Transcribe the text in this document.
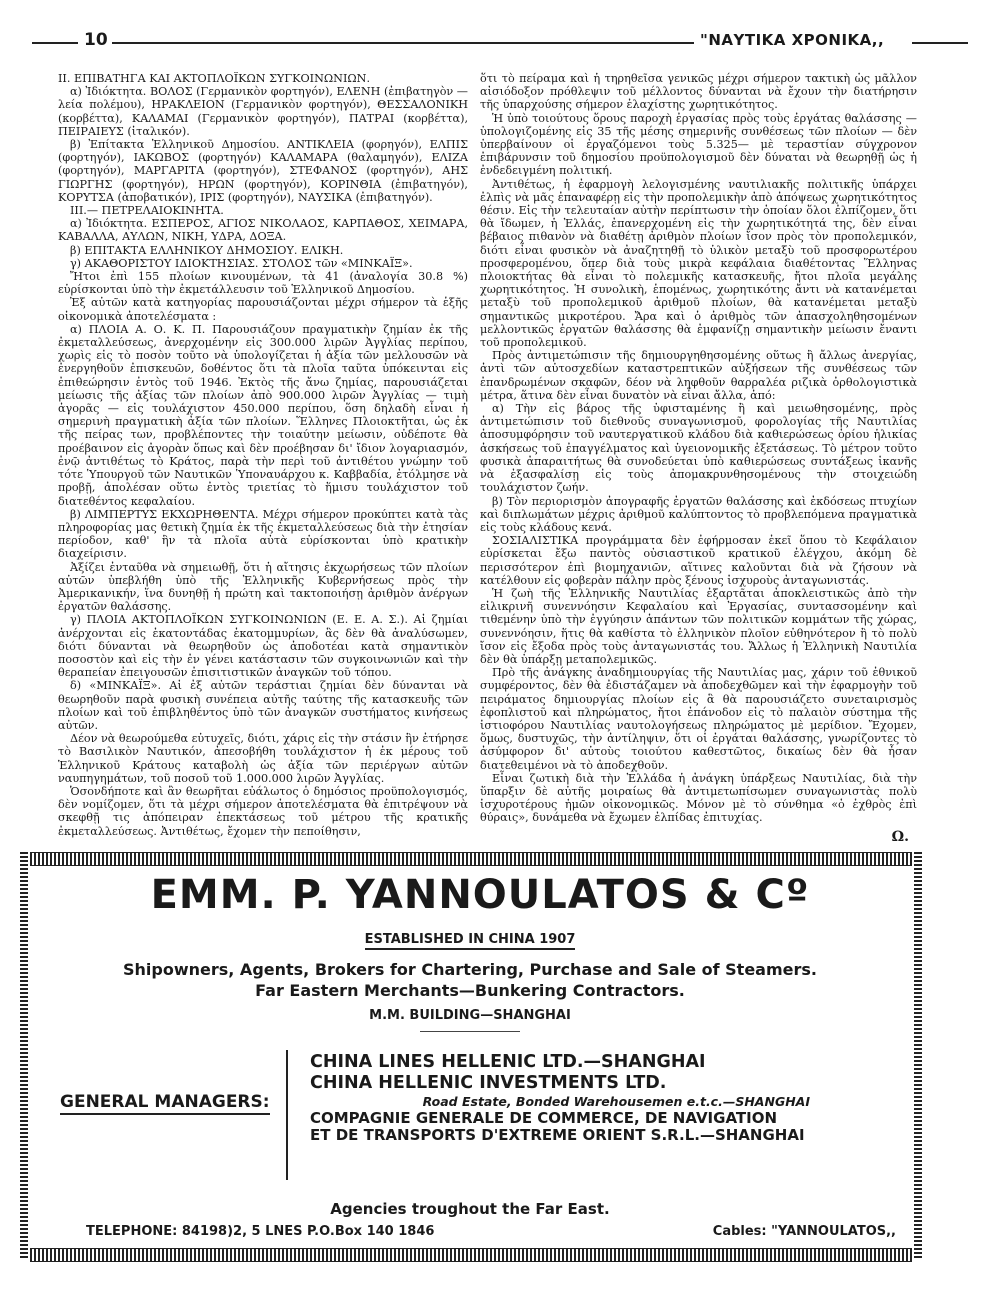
10	"ΝΑΥΤΙΚΑ ΧΡΟΝΙΚΑ,,

ΙΙ. ΕΠΙΒΑΤΗΓΑ ΚΑΙ ΑΚΤΟΠΛΟΪΚΩΝ ΣΥΓΚΟΙΝΩΝΙΩΝ.

α) Ἰδιόκτητα. ΒΟΛΟΣ (Γερμανικὸν φορτηγόν), ΕΛΕΝΗ (ἐπιβατηγὸν — λεία πολέμου), ΗΡΑΚΛΕΙΟΝ (Γερμανικὸν φορτηγόν), ΘΕΣΣΑΛΟΝΙΚΗ (κορβέττα), ΚΑΛΑΜΑΙ (Γερμανικὸν φορτηγόν), ΠΑΤΡΑΙ (κορβέττα), ΠΕΙΡΑΙΕΥΣ (ἰταλικόν).

β) Ἐπίτακτα Ἑλληνικοῦ Δημοσίου. ΑΝΤΙΚΛΕΙΑ (φορηγόν), ΕΛΠΙΣ (φορτηγόν), ΙΑΚΩΒΟΣ (φορτηγόν) ΚΑΛΑΜΑΡΑ (θαλαμηγόν), ΕΛΙΖΑ (φορτηγόν), ΜΑΡΓΑΡΙΤΑ (φορτηγόν), ΣΤΕΦΑΝΟΣ (φορτηγόν), ΑΗΣ ΓΙΩΡΓΗΣ (φορτηγόν), ΗΡΩΝ (φορτηγόν), ΚΟΡΙΝΘΙΑ (ἐπιβατηγόν), ΚΟΡΥΤΣΑ (ἀποβατικόν), ΙΡΙΣ (φορτηγόν), ΝΑΥΣΙΚΑ (ἐπιβατηγόν).

ΙΙΙ.— ΠΕΤΡΕΛΑΙΟΚΙΝΗΤΑ.

α) Ἰδιόκτητα. ΕΣΠΕΡΟΣ, ΑΓΙΟΣ ΝΙΚΟΛΑΟΣ, ΚΑΡΠΑΘΟΣ, ΧΕΙΜΑΡΑ, ΚΑΒΑΛΛΑ, ΑΥΛΩΝ, ΝΙΚΗ, ΥΔΡΑ, ΔΟΞΑ.

β) ΕΠΙΤΑΚΤΑ ΕΛΛΗΝΙΚΟΥ ΔΗΜΟΣΙΟΥ. ΕΛΙΚΗ.

γ) ΑΚΑΘΟΡΙΣΤΟΥ ΙΔΙΟΚΤΗΣΙΑΣ. ΣΤΟΛΟΣ τῶν «ΜΙΝΚΑΪΞ».

Ἤτοι ἐπὶ 155 πλοίων κινουμένων, τὰ 41 (ἀναλογία 30.8 %) εὑρίσκονται ὑπὸ τὴν ἐκμετάλλευσιν τοῦ Ἑλληνικοῦ Δημοσίου.

Ἐξ αὐτῶν κατὰ κατηγορίας παρουσιάζονται μέχρι σήμερον τὰ ἑξῆς οἰκονομικὰ ἀποτελέσματα :

α) ΠΛΟΙΑ Α. Ο. Κ. Π. Παρουσιάζουν πραγματικὴν ζημίαν ἐκ τῆς ἐκμεταλλεύσεως, ἀνερχομένην εἰς 300.000 λιρῶν Ἀγγλίας περίπου, χωρὶς εἰς τὸ ποσὸν τοῦτο νὰ ὑπολογίζεται ἡ ἀξία τῶν μελλουσῶν νὰ ἐνεργηθοῦν ἐπισκευῶν, δοθέντος ὅτι τὰ πλοῖα ταῦτα ὑπόκεινται εἰς ἐπιθεώρησιν ἐντὸς τοῦ 1946. Ἐκτὸς τῆς ἄνω ζημίας, παρουσιάζεται μείωσις τῆς ἀξίας τῶν πλοίων ἀπὸ 900.000 λιρῶν Ἀγγλίας — τιμὴ ἀγορᾶς — εἰς τουλάχιστον 450.000 περίπου, ὅση δηλαδὴ εἶναι ἡ σημερινὴ πραγματικὴ ἀξία τῶν πλοίων. Ἕλληνες Πλοιοκτῆται, ὡς ἐκ τῆς πείρας των, προβλέποντες τὴν τοιαύτην μείωσιν, οὐδέποτε θὰ προέβαινον εἰς ἀγορὰν ὅπως καὶ δὲν προέβησαν δι' ἴδιον λογαριασμόν, ἐνῷ ἀντιθέτως τὸ Κράτος, παρὰ τὴν περὶ τοῦ ἀντιθέτου γνώμην τοῦ τότε Ὑπουργοῦ τῶν Ναυτικῶν Ὑποναυάρχου κ. Καββαδία, ἐτόλμησε νὰ προβῇ, ἀπολέσαν οὕτω ἐντὸς τριετίας τὸ ἥμισυ τουλάχιστον τοῦ διατεθέντος κεφαλαίου.

β) ΛΙΜΠΕΡΤΥΣ ΕΚΧΩΡΗΘΕΝΤΑ. Μέχρι σήμερον προκύπτει κατὰ τὰς πληροφορίας μας θετικὴ ζημία ἐκ τῆς ἐκμεταλλεύσεως διὰ τὴν ἐτησίαν περίοδον, καθ' ἣν τὰ πλοῖα αὐτὰ εὑρίσκονται ὑπὸ κρατικὴν διαχείρισιν.

Ἀξίζει ἐνταῦθα νὰ σημειωθῇ, ὅτι ἡ αἴτησις ἐκχωρήσεως τῶν πλοίων αὐτῶν ὑπεβλήθη ὑπὸ τῆς Ἑλληνικῆς Κυβερνήσεως πρὸς τὴν Ἀμερικανικήν, ἵνα δυνηθῇ ἡ πρώτη καὶ τακτοποιήσῃ ἀριθμὸν ἀνέργων ἐργατῶν θαλάσσης.

γ) ΠΛΟΙΑ ΑΚΤΟΠΛΟΪΚΩΝ ΣΥΓΚΟΙΝΩΝΙΩΝ (Ε. Ε. Α. Σ.). Αἱ ζημίαι ἀνέρχονται εἰς ἑκατοντάδας ἑκατομμυρίων, ἃς δὲν θὰ ἀναλύσωμεν, διότι δύνανται νὰ θεωρηθοῦν ὡς ἀποδοτέαι κατὰ σημαντικὸν ποσοστὸν καὶ εἰς τὴν ἐν γένει κατάστασιν τῶν συγκοινωνιῶν καὶ τὴν θεραπείαν ἐπειγουσῶν ἐπισιτιστικῶν ἀναγκῶν τοῦ τόπου.

δ) «ΜΙΝΚΑΪΞ». Αἱ ἐξ αὐτῶν τεράστιαι ζημίαι δὲν δύνανται νὰ θεωρηθοῦν παρὰ φυσικὴ συνέπεια αὐτῆς ταύτης τῆς κατασκευῆς τῶν πλοίων καὶ τοῦ ἐπιβληθέντος ὑπὸ τῶν ἀναγκῶν συστήματος κινήσεως αὐτῶν.

Δέον νὰ θεωρούμεθα εὐτυχεῖς, διότι, χάρις εἰς τὴν στάσιν ἣν ἐτήρησε τὸ Βασιλικὸν Ναυτικόν, ἀπεσοβήθη τουλάχιστον ἡ ἐκ μέρους τοῦ Ἑλληνικοῦ Κράτους καταβολὴ ὡς ἀξία τῶν περιέργων αὐτῶν ναυπηγημάτων, τοῦ ποσοῦ τοῦ 1.000.000 λιρῶν Ἀγγλίας.

Ὁσονδήποτε καὶ ἂν θεωρῆται εὐάλωτος ὁ δημόσιος προϋπολογισμός, δὲν νομίζομεν, ὅτι τὰ μέχρι σήμερον ἀποτελέσματα θὰ ἐπιτρέψουν νὰ σκεφθῇ τις ἀπόπειραν ἐπεκτάσεως τοῦ μέτρου τῆς κρατικῆς ἐκμεταλλεύσεως. Ἀντιθέτως, ἔχομεν τὴν πεποίθησιν,

ὅτι τὸ πείραμα καὶ ἡ τηρηθεῖσα γενικῶς μέχρι σήμερον τακτικὴ ὡς μᾶλλον αἰσιόδοξον πρόθλεψιν τοῦ μέλλοντος δύνανται νὰ ἔχουν τὴν διατήρησιν τῆς ὑπαρχούσης σήμερον ἐλαχίστης χωρητικότητος.

Ἡ ὑπὸ τοιούτους ὅρους παροχὴ ἐργασίας πρὸς τοὺς ἐργάτας θαλάσσης — ὑπολογιζομένης εἰς 35 τῆς μέσης σημερινῆς συνθέσεως τῶν πλοίων — δὲν ὑπερβαίνουν οἱ ἐργαζόμενοι τοὺς 5.325— μὲ τεραστίαν σύγχρονον ἐπιβάρυνσιν τοῦ δημοσίου προϋπολογισμοῦ δὲν δύναται νὰ θεωρηθῇ ὡς ἡ ἐνδεδειγμένη πολιτική.

Ἀντιθέτως, ἡ ἐφαρμογὴ λελογισμένης ναυτιλιακῆς πολιτικῆς ὑπάρχει ἐλπὶς νὰ μᾶς ἐπαναφέρῃ εἰς τὴν προπολεμικὴν ἀπὸ ἀπόψεως χωρητικότητος θέσιν. Εἰς τὴν τελευταίαν αὐτὴν περίπτωσιν τὴν ὁποίαν ὅλοι ἐλπίζομεν, ὅτι θὰ ἴδωμεν, ἡ Ἑλλάς, ἐπανερχομένη εἰς τὴν χωρητικότητά της, δὲν εἶναι βέβαιος πιθανὸν νὰ διαθέτῃ ἀριθμὸν πλοίων ἴσον πρὸς τὸν προπολεμικόν, διότι εἶναι φυσικὸν νὰ ἀναζητηθῇ τὸ ὑλικὸν μεταξὺ τοῦ προσφορωτέρου προσφερομένου, ὅπερ διὰ τοὺς μικρὰ κεφάλαια διαθέτοντας Ἕλληνας πλοιοκτήτας θὰ εἶναι τὸ πολεμικῆς κατασκευῆς, ἤτοι πλοῖα μεγάλης χωρητικότητος. Ἡ συνολικὴ, ἑπομένως, χωρητικότης ἄντι νὰ κατανέμεται μεταξὺ τοῦ προπολεμικοῦ ἀριθμοῦ πλοίων, θὰ κατανέμεται μεταξὺ σημαντικῶς μικροτέρου. Ἄρα καὶ ὁ ἀριθμὸς τῶν ἀπασχοληθησομένων μελλοντικῶς ἐργατῶν θαλάσσης θὰ ἐμφανίζῃ σημαντικὴν μείωσιν ἔναντι τοῦ προπολεμικοῦ.

Πρὸς ἀντιμετώπισιν τῆς δημιουργηθησομένης οὕτως ἢ ἄλλως ἀνεργίας, ἀντὶ τῶν αὐτοσχεδίων καταστρεπτικῶν αὐξήσεων τῆς συνθέσεως τῶν ἐπανδρωμένων σκαφῶν, δέον νὰ ληφθοῦν θαρραλέα ριζικὰ ὀρθολογιστικὰ μέτρα, ἅτινα δὲν εἶναι δυνατὸν νὰ εἶναι ἄλλα, ἀπό:

α) Τὴν εἰς βάρος τῆς ὑφισταμένης ἢ καὶ μειωθησομένης, πρὸς ἀντιμετώπισιν τοῦ διεθνοῦς συναγωνισμοῦ, φορολογίας τῆς Ναυτιλίας ἀποσυμφόρησιν τοῦ ναυτεργατικοῦ κλάδου διὰ καθιερώσεως ὁρίου ἡλικίας ἀσκήσεως τοῦ ἐπαγγέλματος καὶ ὑγειονομικῆς ἐξετάσεως. Τὸ μέτρον τοῦτο φυσικὰ ἀπαραιτήτως θὰ συνοδεύεται ὑπὸ καθιερώσεως συντάξεως ἱκανῆς νὰ ἐξασφαλίσῃ εἰς τοὺς ἀπομακρυνθησομένους τὴν στοιχειώδη τουλάχιστον ζωήν.

β) Τὸν περιορισμὸν ἀπογραφῆς ἐργατῶν θαλάσσης καὶ ἐκδόσεως πτυχίων καὶ διπλωμάτων μέχρις ἀριθμοῦ καλύπτοντος τὸ προβλεπόμενα πραγματικὰ εἰς τοὺς κλάδους κενά.

ΣΟΣΙΑΛΙΣΤΙΚΑ προγράμματα δὲν ἐφήρμοσαν ἐκεῖ ὅπου τὸ Κεφάλαιον εὑρίσκεται ἔξω παντὸς οὐσιαστικοῦ κρατικοῦ ἐλέγχου, ἀκόμη δὲ περισσότερον ἐπὶ βιομηχανιῶν, αἵτινες καλοῦνται διὰ νὰ ζήσουν νὰ κατέλθουν εἰς φοβερὰν πάλην πρὸς ξένους ἰσχυροὺς ἀνταγωνιστάς.

Ἡ ζωὴ τῆς Ἑλληνικῆς Ναυτιλίας ἐξαρτᾶται ἀποκλειστικῶς ἀπὸ τὴν εἰλικρινῆ συνεννόησιν Κεφαλαίου καὶ Ἐργασίας, συντασσομένην καὶ τιθεμένην ὑπὸ τὴν ἐγγύησιν ἁπάντων τῶν πολιτικῶν κομμάτων τῆς χώρας, συνεννόησιν, ἥτις θὰ καθίστα τὸ ἑλληνικὸν πλοῖον εὐθηνότερον ἢ τὸ πολὺ ἴσον εἰς ἔξοδα πρὸς τοὺς ἀνταγωνιστάς του. Ἄλλως ἡ Ἑλληνικὴ Ναυτιλία δὲν θὰ ὑπάρξῃ μεταπολεμικῶς.

Πρὸ τῆς ἀνάγκης ἀναδημιουργίας τῆς Ναυτιλίας μας, χάριν τοῦ ἐθνικοῦ συμφέροντος, δὲν θὰ ἐδιστάζαμεν νὰ ἀποδεχθῶμεν καὶ τὴν ἐφαρμογὴν τοῦ πειράματος δημιουργίας πλοίων εἰς ἃ θὰ παρουσιάζετο συνεταιρισμὸς ἐφοπλιστοῦ καὶ πληρώματος, ἤτοι ἐπάνοδον εἰς τὸ παλαιὸν σύστημα τῆς ἰστιοφόρου Ναυτιλίας ναυτολογήσεως πληρώματος μὲ μερίδιον. Ἔχομεν, ὅμως, δυστυχῶς, τὴν ἀντίληψιν, ὅτι οἱ ἐργάται θαλάσσης, γνωρίζοντες τὸ ἀσύμφορον δι' αὐτοὺς τοιούτου καθεστῶτος, δικαίως δὲν θὰ ἦσαν διατεθειμένοι νὰ τὸ ἀποδεχθοῦν.

Εἶναι ζωτικὴ διὰ τὴν Ἑλλάδα ἡ ἀνάγκη ὑπάρξεως Ναυτιλίας, διὰ τὴν ὕπαρξιν δὲ αὐτῆς μοιραίως θὰ ἀντιμετωπίσωμεν συναγωνιστὰς πολὺ ἰσχυροτέρους ἡμῶν οἰκονομικῶς. Μόνον μὲ τὸ σύνθημα «ὁ ἐχθρὸς ἐπὶ θύραις», δυνάμεθα νὰ ἔχωμεν ἐλπίδας ἐπιτυχίας.

Ω.
EMM. P. YANNOULATOS & Cº
ESTABLISHED IN CHINA 1907
Shipowners, Agents, Brokers for Chartering, Purchase and Sale of Steamers.
Far Eastern Merchants—Bunkering Contractors.
M.M. BUILDING—SHANGHAI
GENERAL MANAGERS:
CHINA LINES HELLENIC LTD.—SHANGHAI
CHINA HELLENIC INVESTMENTS LTD.
Road Estate, Bonded Warehousemen e.t.c.—SHANGHAI
COMPAGNIE GENERALE DE COMMERCE, DE NAVIGATION
ET DE TRANSPORTS D'EXTREME ORIENT S.R.L.—SHANGHAI
Agencies troughout the Far East.
TELEPHONE: 84198)2, 5 LNES P.O.Box 140 1846	Cables: "YANNOULATOS,,
